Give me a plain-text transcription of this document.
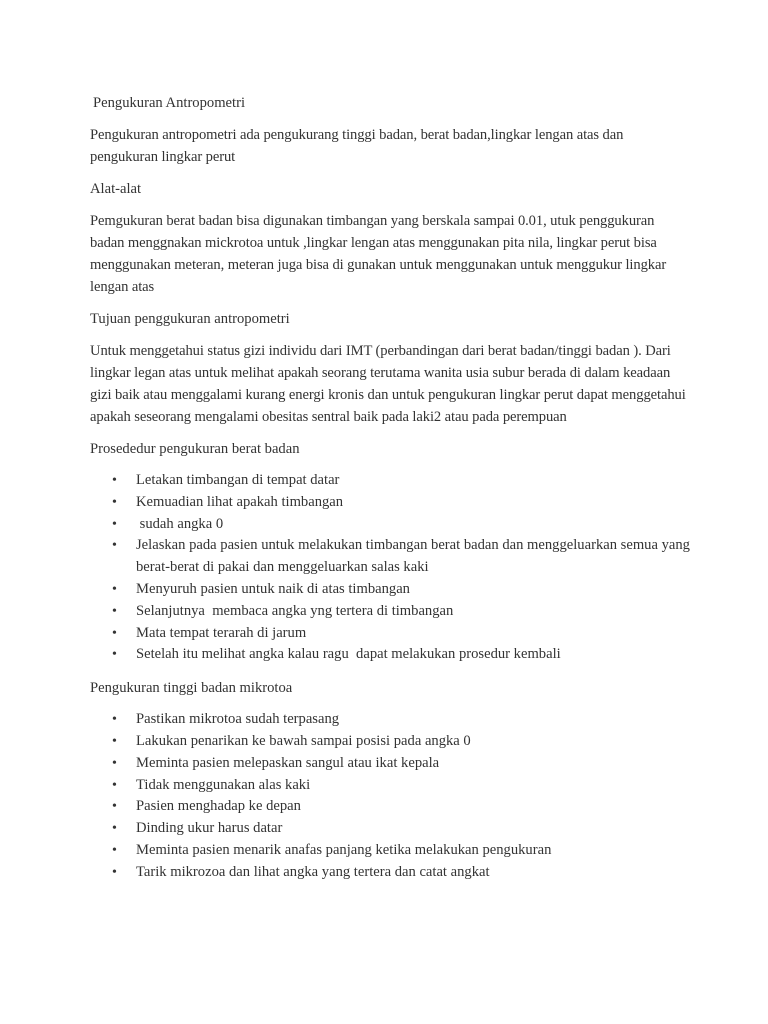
Pengukuran Antropometri

Pengukuran antropometri ada pengukurang tinggi badan, berat badan,lingkar lengan atas dan pengukuran lingkar perut

Alat-alat

Pemgukuran berat badan bisa digunakan timbangan yang berskala sampai 0.01, utuk penggukuran badan menggnakan mickrotoa untuk ,lingkar lengan atas menggunakan pita nila, lingkar perut bisa menggunakan meteran, meteran juga bisa di gunakan untuk menggunakan untuk menggukur lingkar lengan atas

Tujuan penggukuran antropometri

Untuk menggetahui status gizi individu dari IMT (perbandingan dari berat badan/tinggi badan ). Dari lingkar legan atas untuk melihat apakah seorang terutama wanita usia subur berada di dalam keadaan gizi baik atau menggalami kurang energi kronis dan untuk pengukuran lingkar perut dapat menggetahui apakah seseorang mengalami obesitas sentral baik pada laki2 atau pada perempuan

Prosededur pengukuran berat badan

• Letakan timbangan di tempat datar
• Kemuadian lihat apakah timbangan
• sudah angka 0
• Jelaskan pada pasien untuk melakukan timbangan berat badan dan menggeluarkan semua yang berat-berat di pakai dan menggeluarkan salas kaki
• Menyuruh pasien untuk naik di atas timbangan
• Selanjutnya  membaca angka yng tertera di timbangan
• Mata tempat terarah di jarum
• Setelah itu melihat angka kalau ragu  dapat melakukan prosedur kembali

Pengukuran tinggi badan mikrotoa

• Pastikan mikrotoa sudah terpasang
• Lakukan penarikan ke bawah sampai posisi pada angka 0
• Meminta pasien melepaskan sangul atau ikat kepala
• Tidak menggunakan alas kaki
• Pasien menghadap ke depan
• Dinding ukur harus datar
• Meminta pasien menarik anafas panjang ketika melakukan pengukuran
• Tarik mikrozoa dan lihat angka yang tertera dan catat angkat
